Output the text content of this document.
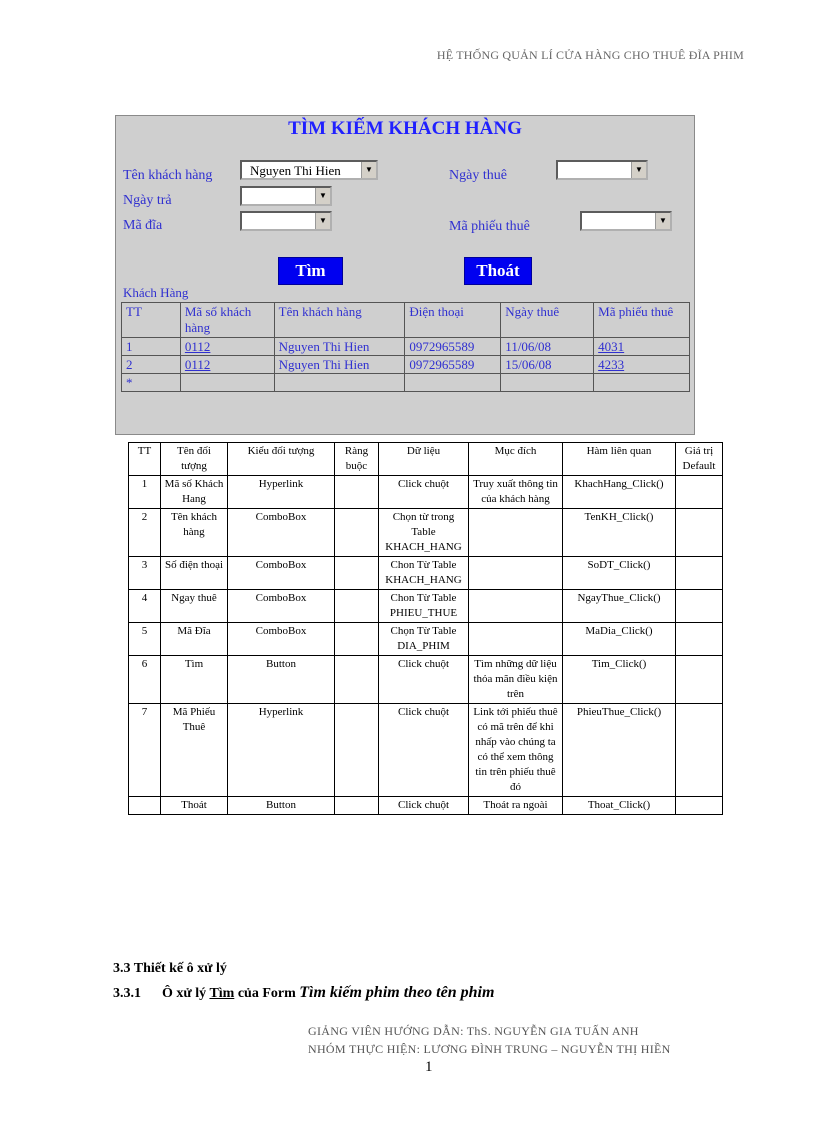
HỆ THỐNG QUẢN LÍ CỬA HÀNG CHO THUÊ ĐĨA PHIM
TÌM KIẾM KHÁCH HÀNG
Tên khách hàng	Nguyen Thi Hien	▼	Ngày thuê	▼
Ngày trả	▼
Mã đĩa	▼	Mã phiếu thuê	▼
Tìm	Thoát
Khách Hàng
TT	Mã số khách hàng	Tên khách hàng	Điện thoại	Ngày thuê	Mã phiếu thuê
1	0112	Nguyen Thi Hien	0972965589	11/06/08	4031
2	0112	Nguyen Thi Hien	0972965589	15/06/08	4233
*					
TT	Tên đối tượng	Kiểu đối tượng	Ràng buộc	Dữ liệu	Mục đích	Hàm liên quan	Giá trị Default
1	Mã số Khách Hang	Hyperlink		Click chuột	Truy xuất thông tin của khách hàng	KhachHang_Click()	
2	Tên khách hàng	ComboBox		Chọn từ trong Table KHACH_HANG		TenKH_Click()	
3	Số điện thoại	ComboBox		Chon Từ Table KHACH_HANG		SoDT_Click()	
4	Ngay thuê	ComboBox		Chon Từ Table PHIEU_THUE		NgayThue_Click()	
5	Mã Đĩa	ComboBox		Chọn Từ Table DIA_PHIM		MaDia_Click()	
6	Tìm	Button		Click chuột	Tìm những dữ liệu thỏa mãn điều kiện trên	Tim_Click()	
7	Mã Phiếu Thuê	Hyperlink		Click chuột	Link tới phiếu thuê có mã trên để khi nhấp vào chúng ta có thể xem thông tin trên phiếu thuê đó	PhieuThue_Click()	
	Thoát	Button		Click chuột	Thoát ra ngoài	Thoat_Click()	
3.3 Thiết kế ô xử lý
3.3.1 Ô xử lý Tìm của Form Tìm kiếm phim theo tên phim
GIẢNG VIÊN HƯỚNG DẪN: ThS. NGUYỄN GIA TUẤN ANH
NHÓM THỰC HIỆN: LƯƠNG ĐÌNH TRUNG – NGUYỄN THỊ HIỀN
1
